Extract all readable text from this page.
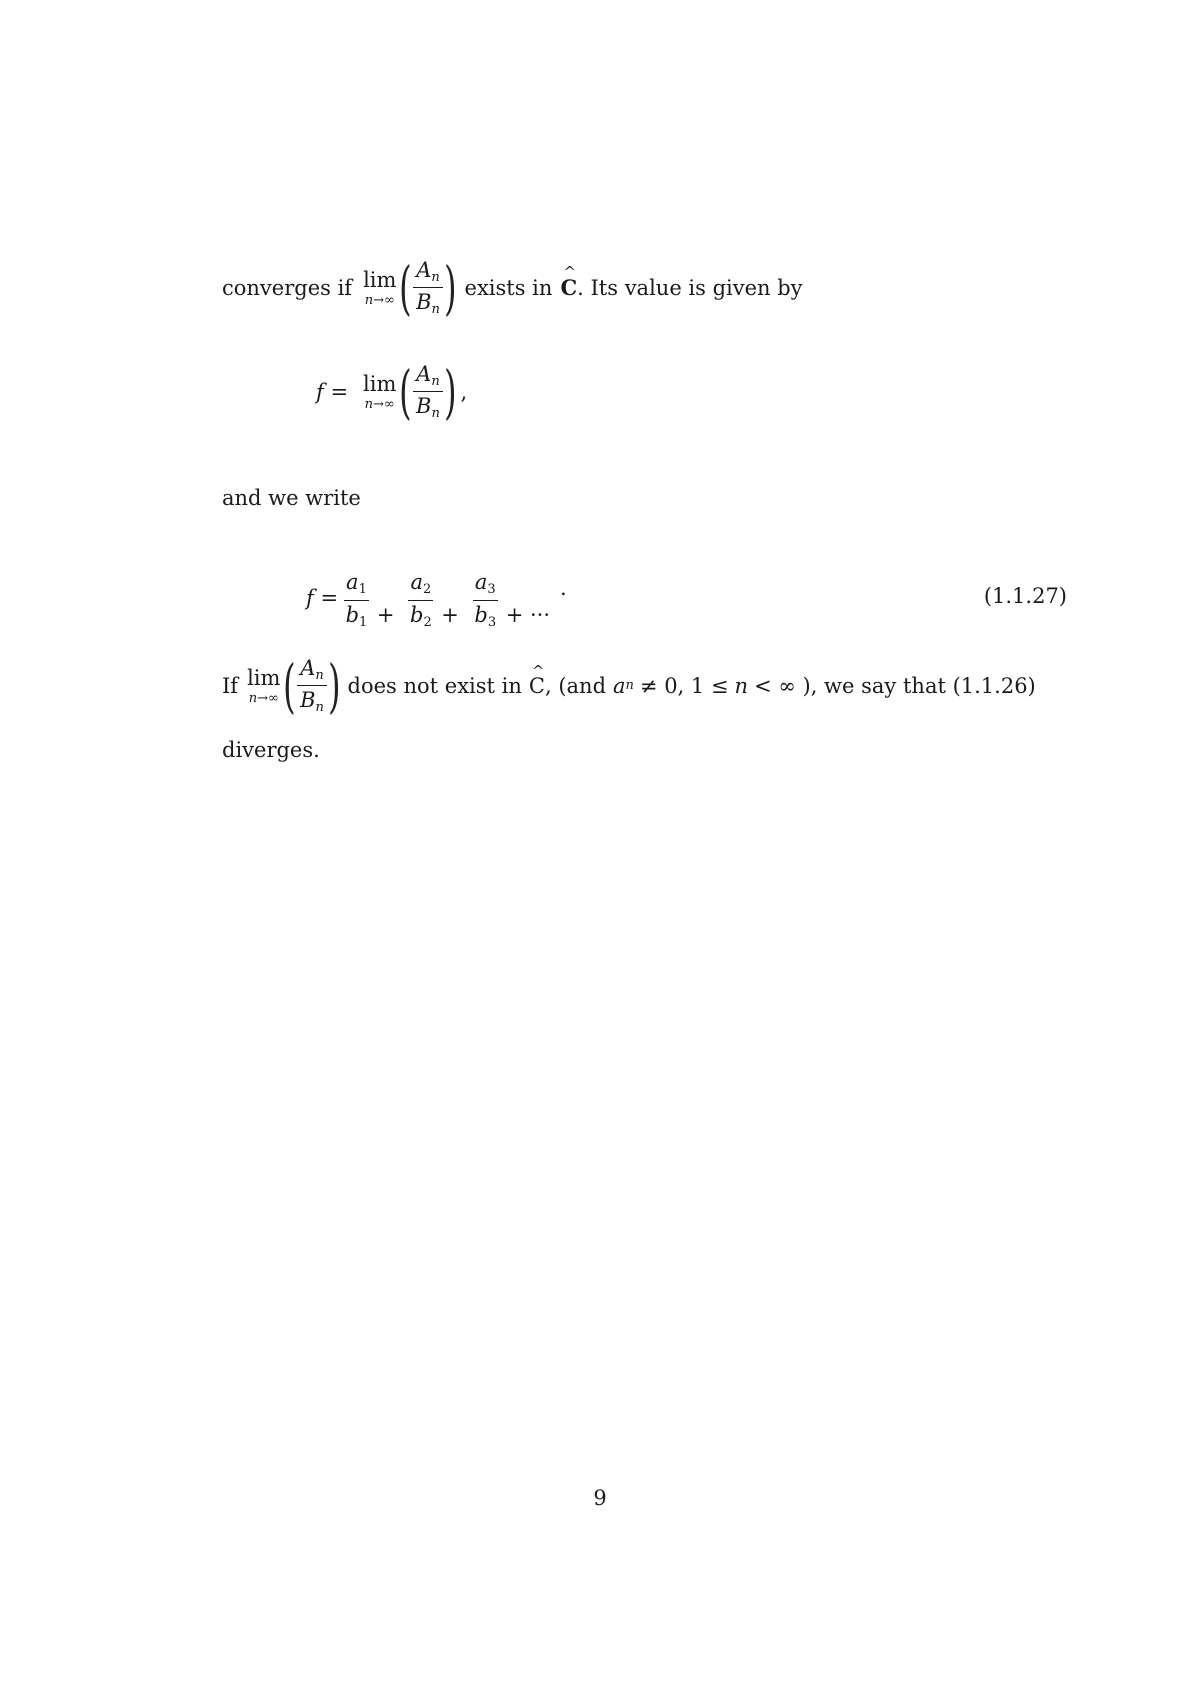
converges if lim
n→∞ ( $\frac{A_n}{B_n}$ ) exists in ^ C . Its value is given by
f = lim
n→∞ ( $\frac{A_n}{B_n}$ ) ,
and we write
$f = \frac{a_1}{b_1} + \frac{a_2}{b_2} + \frac{a_3}{b_3}$ + ···
.	(1.1.27)
If lim
n→∞ ( $\frac{A_n}{B_n}$ ) does not exist in ^ C , (and a n ≠ 0, 1 ≤ n < ∞ ), we say that (1.1.26)
diverges.
9
